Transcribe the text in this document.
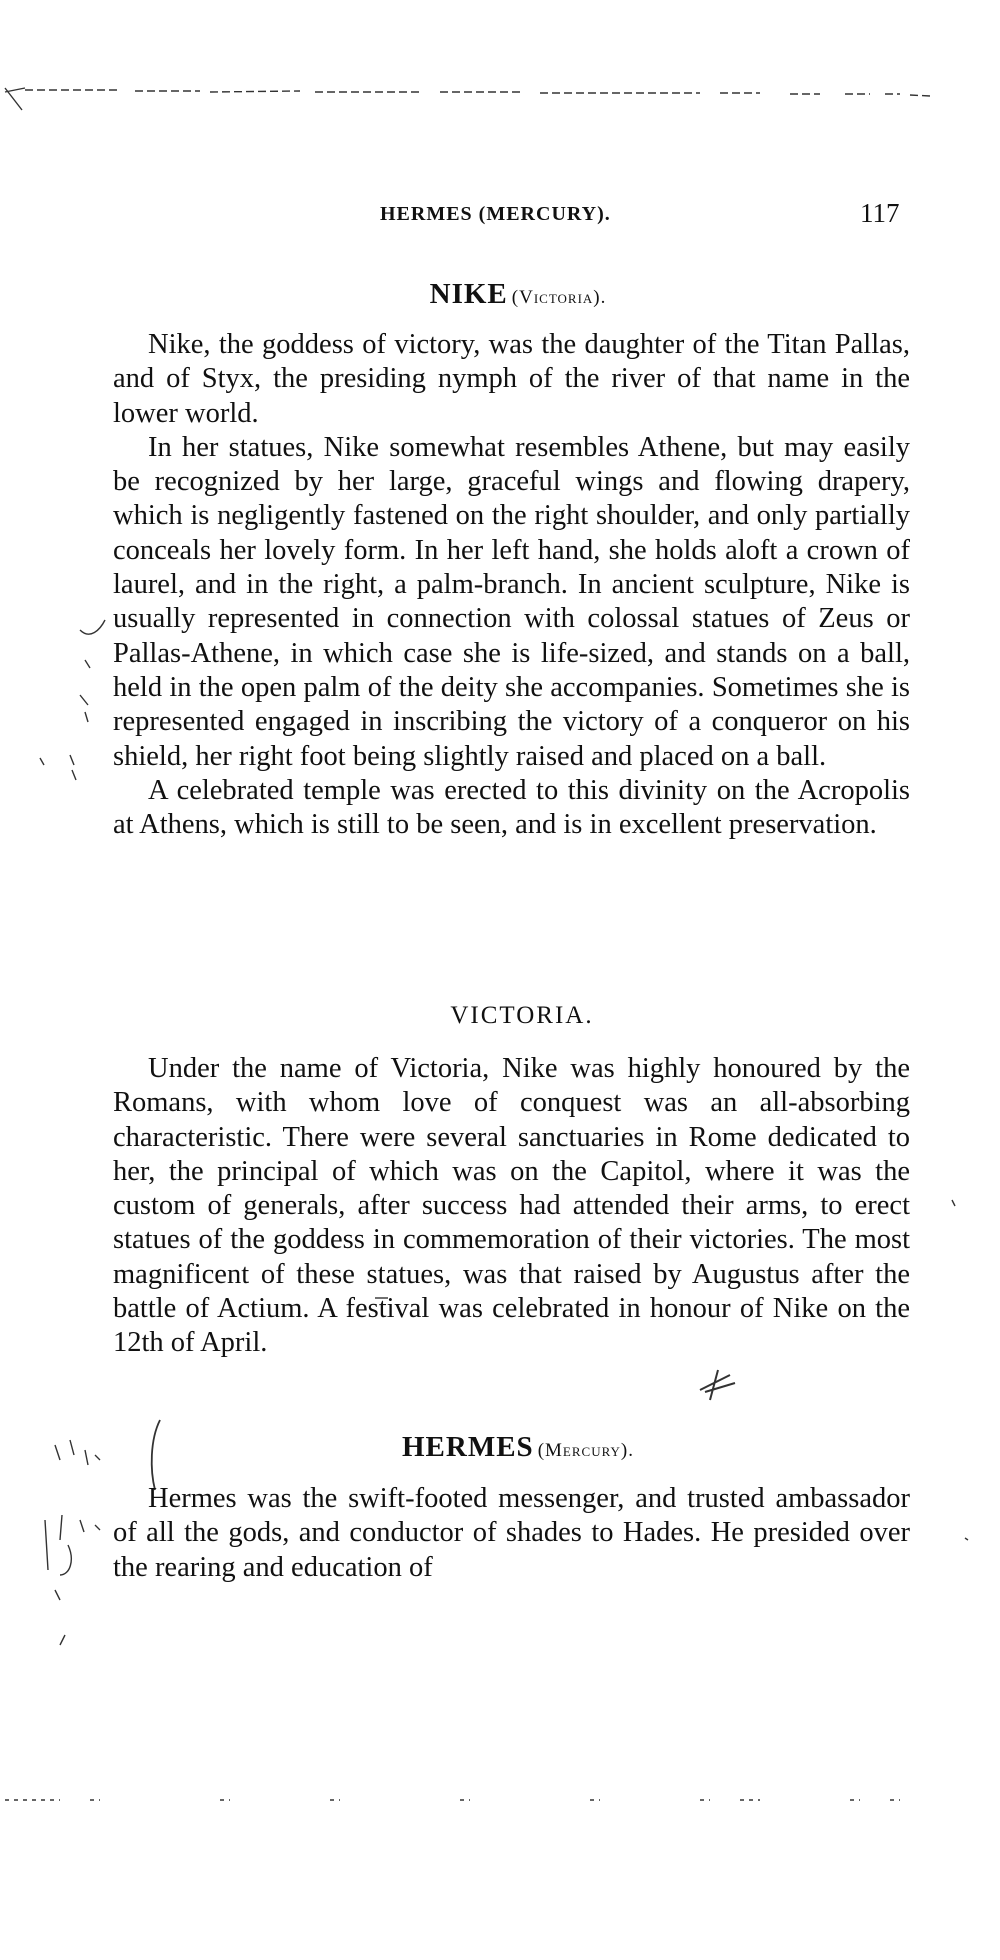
HERMES (MERCURY).	117
NIKE (Victoria).

Nike, the goddess of victory, was the daughter of the Titan Pallas, and of Styx, the presiding nymph of the river of that name in the lower world.

In her statues, Nike somewhat resembles Athene, but may easily be recognized by her large, graceful wings and flowing drapery, which is negligently fastened on the right shoulder, and only partially conceals her lovely form. In her left hand, she holds aloft a crown of laurel, and in the right, a palm-branch. In ancient sculpture, Nike is usually represented in connection with colossal statues of Zeus or Pallas-Athene, in which case she is life-sized, and stands on a ball, held in the open palm of the deity she accompanies. Sometimes she is represented engaged in inscribing the victory of a conqueror on his shield, her right foot being slightly raised and placed on a ball.

A celebrated temple was erected to this divinity on the Acropolis at Athens, which is still to be seen, and is in excellent preservation.

VICTORIA.

Under the name of Victoria, Nike was highly honoured by the Romans, with whom love of conquest was an all-absorbing characteristic. There were several sanctuaries in Rome dedicated to her, the principal of which was on the Capitol, where it was the custom of generals, after success had attended their arms, to erect statues of the goddess in commemoration of their victories. The most magnificent of these statues, was that raised by Augustus after the battle of Actium. A festival was celebrated in honour of Nike on the 12th of April.

HERMES (Mercury).

Hermes was the swift-footed messenger, and trusted ambassador of all the gods, and conductor of shades to Hades. He presided over the rearing and education of
